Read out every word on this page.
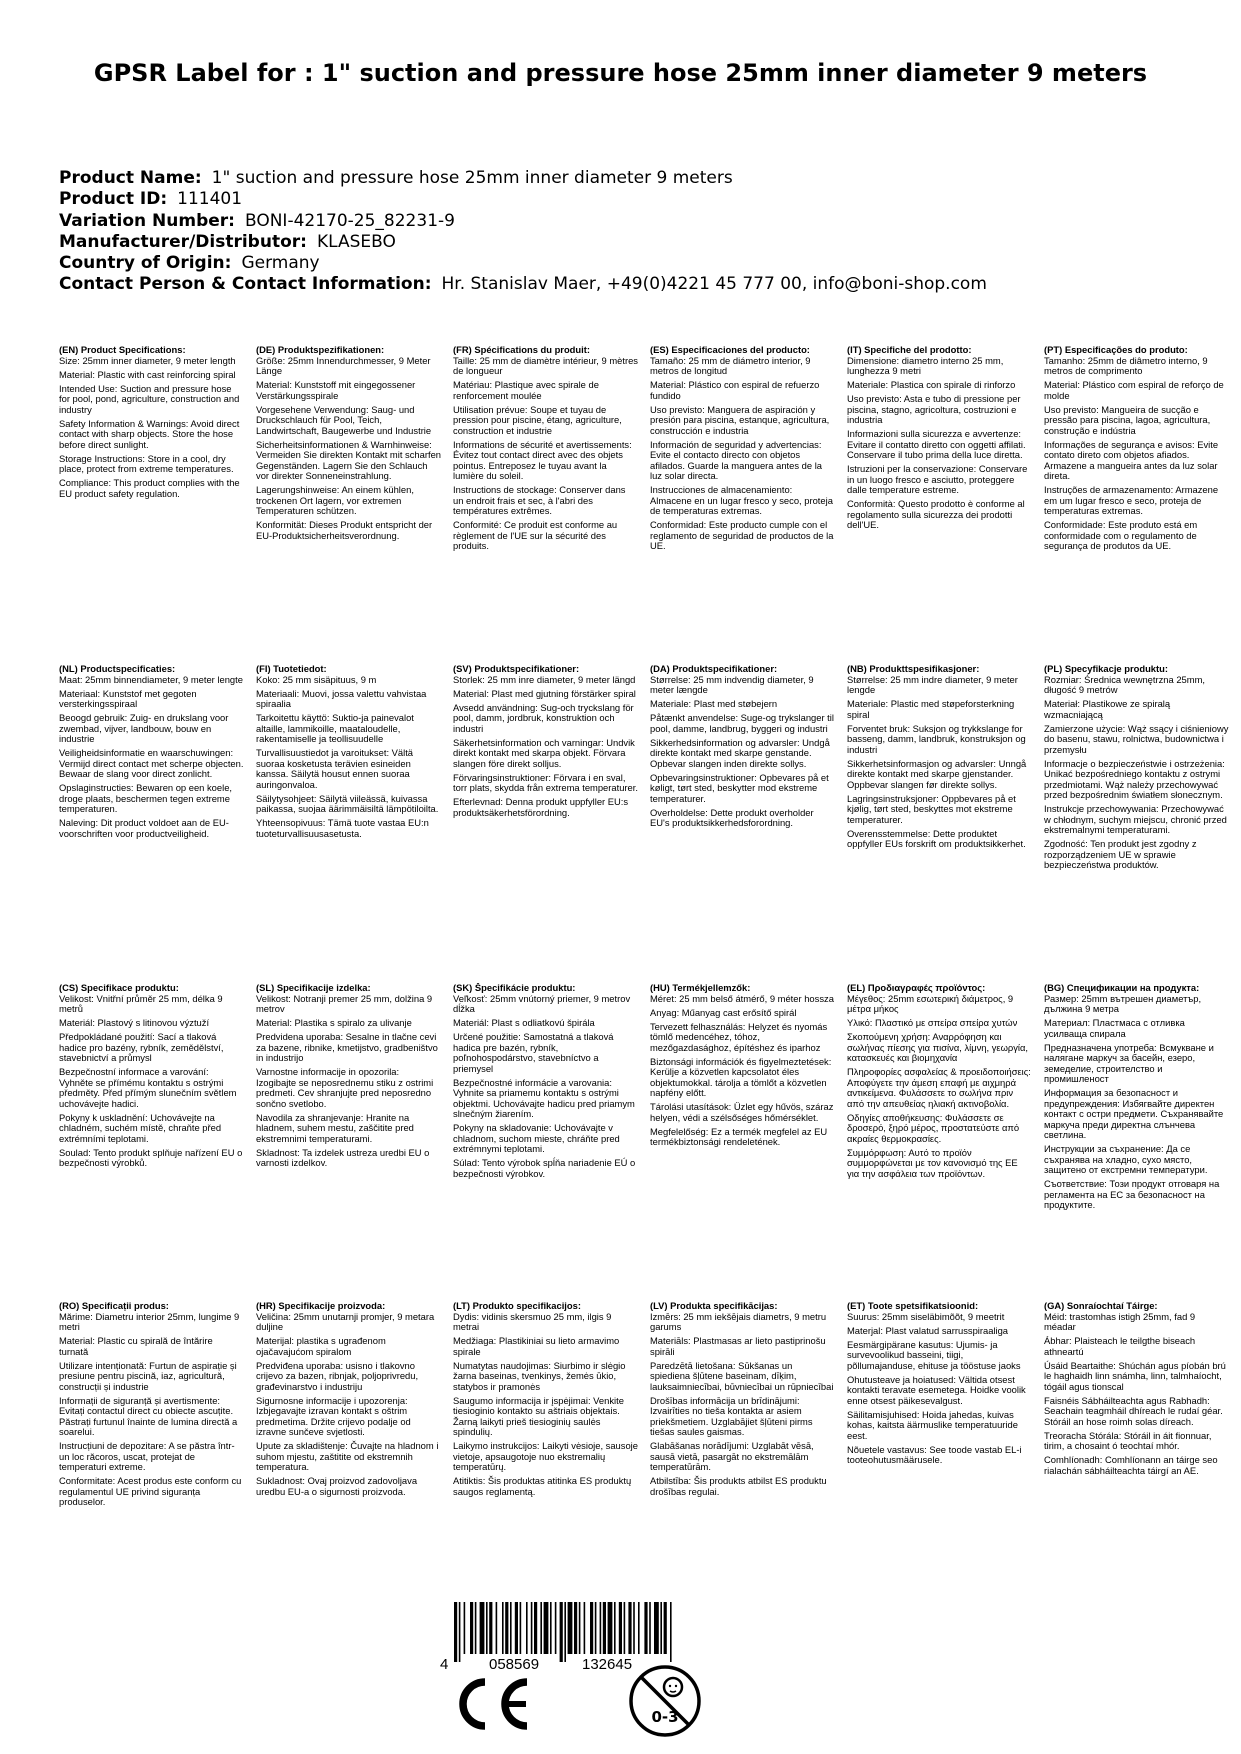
GPSR Label for : 1" suction and pressure hose 25mm inner diameter 9 meters
Product Name: 1" suction and pressure hose 25mm inner diameter 9 meters
Product ID: 111401
Variation Number: BONI-42170-25_82231-9
Manufacturer/Distributor: KLASEBO
Country of Origin: Germany
Contact Person & Contact Information: Hr. Stanislav Maer, +49(0)4221 45 777 00, info@boni-shop.com
(EN) Product Specifications:
Size: 25mm inner diameter, 9 meter length
Material: Plastic with cast reinforcing spiral
Intended Use: Suction and pressure hose for pool, pond, agriculture, construction and industry
Safety Information & Warnings: Avoid direct contact with sharp objects. Store the hose before direct sunlight.
Storage Instructions: Store in a cool, dry place, protect from extreme temperatures.
Compliance: This product complies with the EU product safety regulation.
(DE) Produktspezifikationen:
Größe: 25mm Innendurchmesser, 9 Meter Länge
Material: Kunststoff mit eingegossener Verstärkungsspirale
Vorgesehene Verwendung: Saug- und Druckschlauch für Pool, Teich, Landwirtschaft, Baugewerbe und Industrie
Sicherheitsinformationen & Warnhinweise: Vermeiden Sie direkten Kontakt mit scharfen Gegenständen. Lagern Sie den Schlauch vor direkter Sonneneinstrahlung.
Lagerungshinweise: An einem kühlen, trockenen Ort lagern, vor extremen Temperaturen schützen.
Konformität: Dieses Produkt entspricht der EU-Produktsicherheitsverordnung.
(FR) Spécifications du produit:
Taille: 25 mm de diamètre intérieur, 9 mètres de longueur
Matériau: Plastique avec spirale de renforcement moulée
Utilisation prévue: Soupe et tuyau de pression pour piscine, étang, agriculture, construction et industrie
Informations de sécurité et avertissements: Évitez tout contact direct avec des objets pointus. Entreposez le tuyau avant la lumière du soleil.
Instructions de stockage: Conserver dans un endroit frais et sec, à l'abri des températures extrêmes.
Conformité: Ce produit est conforme au règlement de l'UE sur la sécurité des produits.
(ES) Especificaciones del producto:
Tamaño: 25 mm de diámetro interior, 9 metros de longitud
Material: Plástico con espiral de refuerzo fundido
Uso previsto: Manguera de aspiración y presión para piscina, estanque, agricultura, construcción e industria
Información de seguridad y advertencias: Evite el contacto directo con objetos afilados. Guarde la manguera antes de la luz solar directa.
Instrucciones de almacenamiento: Almacene en un lugar fresco y seco, proteja de temperaturas extremas.
Conformidad: Este producto cumple con el reglamento de seguridad de productos de la UE.
(IT) Specifiche del prodotto:
Dimensione: diametro interno 25 mm, lunghezza 9 metri
Materiale: Plastica con spirale di rinforzo
Uso previsto: Asta e tubo di pressione per piscina, stagno, agricoltura, costruzioni e industria
Informazioni sulla sicurezza e avvertenze: Evitare il contatto diretto con oggetti affilati. Conservare il tubo prima della luce diretta.
Istruzioni per la conservazione: Conservare in un luogo fresco e asciutto, proteggere dalle temperature estreme.
Conformità: Questo prodotto è conforme al regolamento sulla sicurezza dei prodotti dell'UE.
(PT) Especificações do produto:
Tamanho: 25mm de diâmetro interno, 9 metros de comprimento
Material: Plástico com espiral de reforço de molde
Uso previsto: Mangueira de sucção e pressão para piscina, lagoa, agricultura, construção e indústria
Informações de segurança e avisos: Evite contato direto com objetos afiados. Armazene a mangueira antes da luz solar direta.
Instruções de armazenamento: Armazene em um lugar fresco e seco, proteja de temperaturas extremas.
Conformidade: Este produto está em conformidade com o regulamento de segurança de produtos da UE.
(NL) Productspecificaties:
Maat: 25mm binnendiameter, 9 meter lengte
Materiaal: Kunststof met gegoten versterkingsspiraal
Beoogd gebruik: Zuig- en drukslang voor zwembad, vijver, landbouw, bouw en industrie
Veiligheidsinformatie en waarschuwingen: Vermijd direct contact met scherpe objecten. Bewaar de slang voor direct zonlicht.
Opslaginstructies: Bewaren op een koele, droge plaats, beschermen tegen extreme temperaturen.
Naleving: Dit product voldoet aan de EU-voorschriften voor productveiligheid.
(FI) Tuotetiedot:
Koko: 25 mm sisäpituus, 9 m
Materiaali: Muovi, jossa valettu vahvistaa spiraalia
Tarkoitettu käyttö: Suktio-ja painevalot altaille, lammikoille, maataloudelle, rakentamiselle ja teollisuudelle
Turvallisuustiedot ja varoitukset: Vältä suoraa kosketusta terävien esineiden kanssa. Säilytä housut ennen suoraa auringonvaloa.
Säilytysohjeet: Säilytä viileässä, kuivassa paikassa, suojaa äärimmäisiltä lämpötiloilta.
Yhteensopivuus: Tämä tuote vastaa EU:n tuoteturvallisuusasetusta.
(SV) Produktspecifikationer:
Storlek: 25 mm inre diameter, 9 meter längd
Material: Plast med gjutning förstärker spiral
Avsedd användning: Sug-och tryckslang för pool, damm, jordbruk, konstruktion och industri
Säkerhetsinformation och varningar: Undvik direkt kontakt med skarpa objekt. Förvara slangen före direkt solljus.
Förvaringsinstruktioner: Förvara i en sval, torr plats, skydda från extrema temperaturer.
Efterlevnad: Denna produkt uppfyller EU:s produktsäkerhetsförordning.
(DA) Produktspecifikationer:
Størrelse: 25 mm indvendig diameter, 9 meter længde
Materiale: Plast med støbejern
Påtænkt anvendelse: Suge-og trykslanger til pool, damme, landbrug, byggeri og industri
Sikkerhedsinformation og advarsler: Undgå direkte kontakt med skarpe genstande. Opbevar slangen inden direkte sollys.
Opbevaringsinstruktioner: Opbevares på et køligt, tørt sted, beskytter mod ekstreme temperaturer.
Overholdelse: Dette produkt overholder EU's produktsikkerhedsforordning.
(NB) Produkttspesifikasjoner:
Størrelse: 25 mm indre diameter, 9 meter lengde
Materiale: Plastic med støpeforsterkning spiral
Forventet bruk: Suksjon og trykkslange for basseng, damm, landbruk, konstruksjon og industri
Sikkerhetsinformasjon og advarsler: Unngå direkte kontakt med skarpe gjenstander. Oppbevar slangen før direkte sollys.
Lagringsinstruksjoner: Oppbevares på et kjølig, tørt sted, beskyttes mot ekstreme temperaturer.
Overensstemmelse: Dette produktet oppfyller EUs forskrift om produktsikkerhet.
(PL) Specyfikacje produktu:
Rozmiar: Średnica wewnętrzna 25mm, długość 9 metrów
Materiał: Plastikowe ze spiralą wzmacniającą
Zamierzone użycie: Wąż ssący i ciśnieniowy do basenu, stawu, rolnictwa, budownictwa i przemysłu
Informacje o bezpieczeństwie i ostrzeżenia: Unikać bezpośredniego kontaktu z ostrymi przedmiotami. Wąż należy przechowywać przed bezpośrednim światłem słonecznym.
Instrukcje przechowywania: Przechowywać w chłodnym, suchym miejscu, chronić przed ekstremalnymi temperaturami.
Zgodność: Ten produkt jest zgodny z rozporządzeniem UE w sprawie bezpieczeństwa produktów.
(CS) Specifikace produktu:
Velikost: Vnitřní průměr 25 mm, délka 9 metrů
Materiál: Plastový s litinovou výztuží
Předpokládané použití: Sací a tlaková hadice pro bazény, rybník, zemědělství, stavebnictví a průmysl
Bezpečnostní informace a varování: Vyhněte se přímému kontaktu s ostrými předměty. Před přímým slunečním světlem uchovávejte hadici.
Pokyny k uskladnění: Uchovávejte na chladném, suchém místě, chraňte před extrémními teplotami.
Soulad: Tento produkt splňuje nařízení EU o bezpečnosti výrobků.
(SL) Specifikacije izdelka:
Velikost: Notranji premer 25 mm, dolžina 9 metrov
Material: Plastika s spiralo za ulivanje
Predvidena uporaba: Sesalne in tlačne cevi za bazene, ribnike, kmetijstvo, gradbeništvo in industrijo
Varnostne informacije in opozorila: Izogibajte se neposrednemu stiku z ostrimi predmeti. Cev shranjujte pred neposredno sončno svetlobo.
Navodila za shranjevanje: Hranite na hladnem, suhem mestu, zaščitite pred ekstremnimi temperaturami.
Skladnost: Ta izdelek ustreza uredbi EU o varnosti izdelkov.
(SK) Špecifikácie produktu:
Veľkosť: 25mm vnútorný priemer, 9 metrov dĺžka
Materiál: Plast s odliatkovú špirála
Určené použitie: Samostatná a tlaková hadica pre bazén, rybník, poľnohospodárstvo, stavebníctvo a priemysel
Bezpečnostné informácie a varovania: Vyhnite sa priamemu kontaktu s ostrými objektmi. Uchovávajte hadicu pred priamym slnečným žiarením.
Pokyny na skladovanie: Uchovávajte v chladnom, suchom mieste, chráňte pred extrémnymi teplotami.
Súlad: Tento výrobok spĺňa nariadenie EÚ o bezpečnosti výrobkov.
(HU) Termékjellemzők:
Méret: 25 mm belső átmérő, 9 méter hossza
Anyag: Műanyag cast erősítő spirál
Tervezett felhasználás: Helyzet és nyomás tömlő medencéhez, tóhoz, mezőgazdasághoz, építéshez és iparhoz
Biztonsági információk és figyelmeztetések: Kerülje a közvetlen kapcsolatot éles objektumokkal. tárolja a tömlőt a közvetlen napfény előtt.
Tárolási utasítások: Üzlet egy hűvös, száraz helyen, védi a szélsőséges hőmérséklet.
Megfelelőség: Ez a termék megfelel az EU termékbiztonsági rendeletének.
(EL) Προδιαγραφές προϊόντος:
Μέγεθος: 25mm εσωτερική διάμετρος, 9 μέτρα μήκος
Υλικό: Πλαστικό με σπείρα σπείρα χυτών
Σκοπούμενη χρήση: Αναρρόφηση και σωλήνας πίεσης για πισίνα, λίμνη, γεωργία, κατασκευές και βιομηχανία
Πληροφορίες ασφαλείας & προειδοποιήσεις: Αποφύγετε την άμεση επαφή με αιχμηρά αντικείμενα. Φυλάσσετε το σωλήνα πριν από την απευθείας ηλιακή ακτινοβολία.
Οδηγίες αποθήκευσης: Φυλάσσετε σε δροσερό, ξηρό μέρος, προστατεύστε από ακραίες θερμοκρασίες.
Συμμόρφωση: Αυτό το προϊόν συμμορφώνεται με τον κανονισμό της ΕΕ για την ασφάλεια των προϊόντων.
(BG) Спецификации на продукта:
Размер: 25mm вътрешен диаметър, дължина 9 метра
Материал: Пластмаса с отливка усилваща спирала
Предназначена употреба: Всмукване и налягане маркуч за басейн, езеро, земеделие, строителство и промишленост
Информация за безопасност и предупреждения: Избягвайте директен контакт с остри предмети. Съхранявайте маркуча преди директна слънчева светлина.
Инструкции за съхранение: Да се съхранява на хладно, сухо място, защитено от екстремни температури.
Съответствие: Този продукт отговаря на регламента на ЕС за безопасност на продуктите.
(RO) Specificații produs:
Mărime: Diametru interior 25mm, lungime 9 metri
Material: Plastic cu spirală de întărire turnată
Utilizare intenționată: Furtun de aspirație și presiune pentru piscină, iaz, agricultură, construcții și industrie
Informații de siguranță și avertismente: Evitați contactul direct cu obiecte ascuțite. Păstrați furtunul înainte de lumina directă a soarelui.
Instrucțiuni de depozitare: A se păstra într-un loc răcoros, uscat, protejat de temperaturi extreme.
Conformitate: Acest produs este conform cu regulamentul UE privind siguranța produselor.
(HR) Specifikacije proizvoda:
Veličina: 25mm unutarnji promjer, 9 metara duljine
Materijal: plastika s ugrađenom ojačavajućom spiralom
Predviđena uporaba: usisno i tlakovno crijevo za bazen, ribnjak, poljoprivredu, građevinarstvo i industriju
Sigurnosne informacije i upozorenja: Izbjegavajte izravan kontakt s oštrim predmetima. Držite crijevo podalje od izravne sunčeve svjetlosti.
Upute za skladištenje: Čuvajte na hladnom i suhom mjestu, zaštitite od ekstremnih temperatura.
Sukladnost: Ovaj proizvod zadovoljava uredbu EU-a o sigurnosti proizvoda.
(LT) Produkto specifikacijos:
Dydis: vidinis skersmuo 25 mm, ilgis 9 metrai
Medžiaga: Plastikiniai su lieto armavimo spirale
Numatytas naudojimas: Siurbimo ir slėgio žarna baseinas, tvenkinys, žemės ūkio, statybos ir pramonės
Saugumo informacija ir įspėjimai: Venkite tiesioginio kontakto su aštriais objektais. Žarną laikyti prieš tiesioginių saulės spindulių.
Laikymo instrukcijos: Laikyti vėsioje, sausoje vietoje, apsaugotoje nuo ekstremalių temperatūrų.
Atitiktis: Šis produktas atitinka ES produktų saugos reglamentą.
(LV) Produkta specifikācijas:
Izmērs: 25 mm iekšējais diametrs, 9 metru garums
Materiāls: Plastmasas ar lieto pastiprinošu spirāli
Paredzētā lietošana: Sūkšanas un spiediena šļūtene baseinam, dīķim, lauksaimniecībai, būvniecībai un rūpniecībai
Drošības informācija un brīdinājumi: Izvairīties no tieša kontakta ar asiem priekšmetiem. Uzglabājiet šļūteni pirms tiešas saules gaismas.
Glabāšanas norādījumi: Uzglabāt vēsā, sausā vietā, pasargāt no ekstremālām temperatūrām.
Atbilstība: Šis produkts atbilst ES produktu drošības regulai.
(ET) Toote spetsifikatsioonid:
Suurus: 25mm siseläbimõõt, 9 meetrit
Materjal: Plast valatud sarrusspiraaliga
Eesmärgipärane kasutus: Ujumis- ja survevoolikud basseini, tiigi, põllumajanduse, ehituse ja tööstuse jaoks
Ohutusteave ja hoiatused: Vältida otsest kontakti teravate esemetega. Hoidke voolik enne otsest päikesevalgust.
Säilitamisjuhised: Hoida jahedas, kuivas kohas, kaitsta äärmuslike temperatuuride eest.
Nõuetele vastavus: See toode vastab EL-i tooteohutusmäärusele.
(GA) Sonraíochtaí Táirge:
Méid: trastomhas istigh 25mm, fad 9 méadar
Ábhar: Plaisteach le teilgthe biseach athneartú
Úsáid Beartaithe: Shúchán agus píobán brú le haghaidh linn snámha, linn, talmhaíocht, tógáil agus tionscal
Faisnéis Sábháilteachta agus Rabhadh: Seachain teagmháil dhíreach le rudaí géar. Stóráil an hose roimh solas díreach.
Treoracha Stórála: Stóráil in áit fionnuar, tirim, a chosaint ó teochtaí mhór.
Comhlíonadh: Comhlíonann an táirge seo rialachán sábháilteachta táirgí an AE.
4	058569	132645
0-3
